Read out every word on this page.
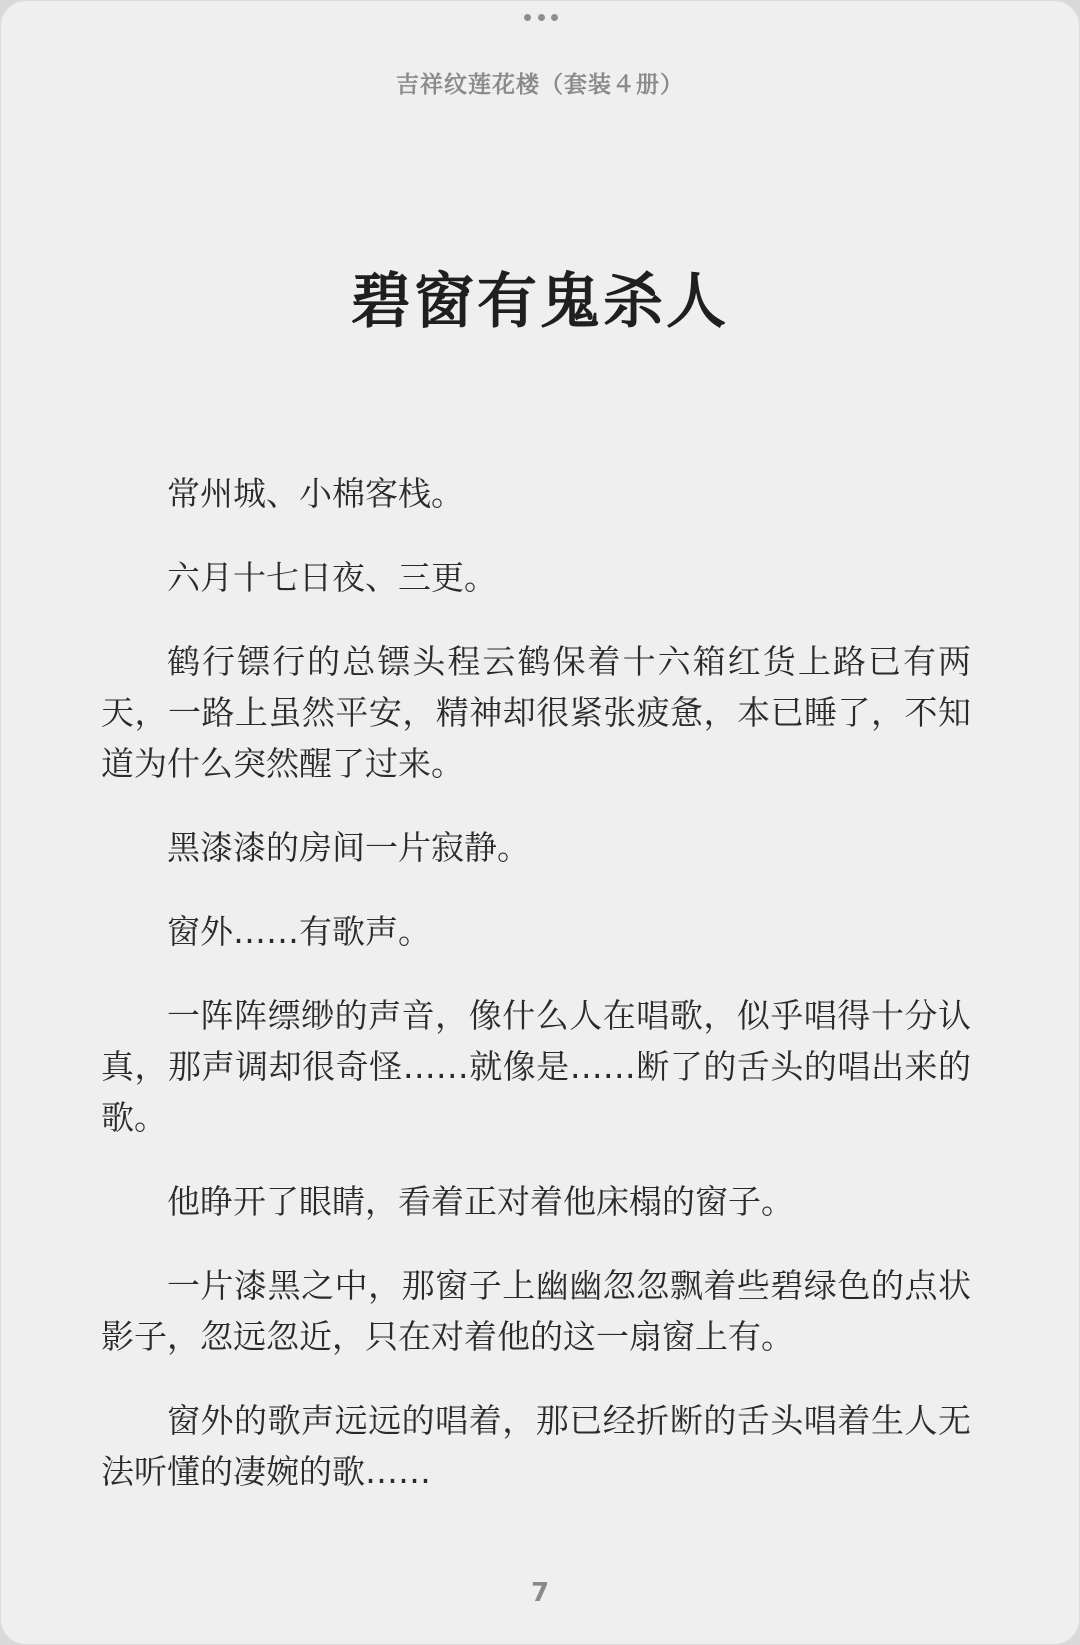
吉祥纹莲花楼（套装４册）
碧窗有鬼杀人

常州城、小棉客栈。

六月十七日夜、三更。

鹤行镖行的总镖头程云鹤保着十六箱红货上路已有两天，一路上虽然平安，精神却很紧张疲惫，本已睡了，不知道为什么突然醒了过来。

黑漆漆的房间一片寂静。

窗外……有歌声。

一阵阵缥缈的声音，像什么人在唱歌，似乎唱得十分认真，那声调却很奇怪……就像是……断了的舌头的唱出来的歌。

他睁开了眼睛，看着正对着他床榻的窗子。

一片漆黑之中，那窗子上幽幽忽忽飘着些碧绿色的点状影子，忽远忽近，只在对着他的这一扇窗上有。

窗外的歌声远远的唱着，那已经折断的舌头唱着生人无法听懂的凄婉的歌……

7
